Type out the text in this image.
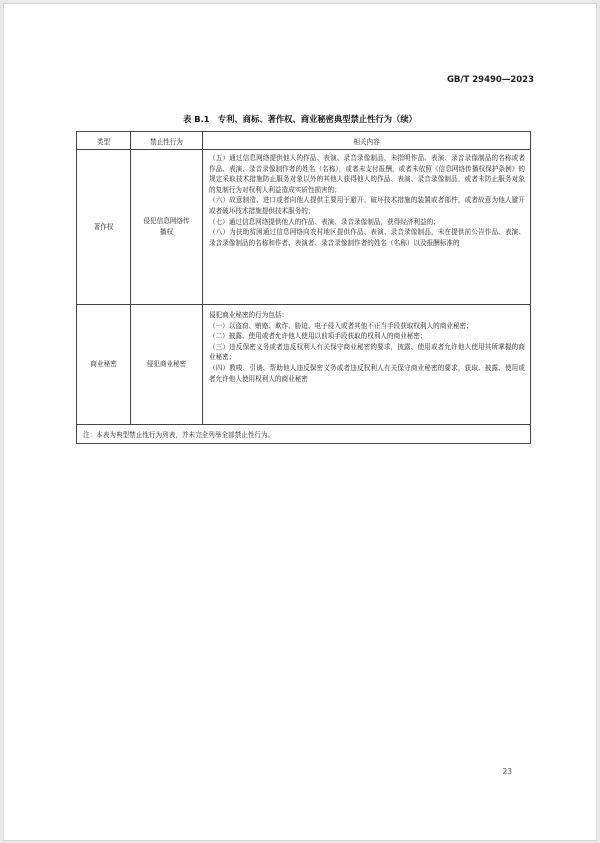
GB/T 29490—2023
表 B.1　专利、商标、著作权、商业秘密典型禁止性行为（续）
类型	禁止性行为	相关内容
著作权	侵犯信息网络传播权	（五）通过信息网络提供他人的作品、表演、录音录像制品，未指明作品、表演、录音录像制品的名称或者作品、表演、录音录像制作者的姓名（名称），或者未支付报酬，或者未依照《信息网络传播权保护条例》的规定采取技术措施防止服务对象以外的其他人获得他人的作品、表演、录音录像制品，或者未防止服务对象的复制行为对权利人利益造成实质性损害的；
（六）故意制造、进口或者向他人提供主要用于避开、破坏技术措施的装置或者部件，或者故意为他人避开或者破坏技术措施提供技术服务的；
（七）通过信息网络提供他人的作品、表演、录音录像制品，获得经济利益的；
（八）为扶助贫困通过信息网络向农村地区提供作品、表演、录音录像制品，未在提供前公告作品、表演、录音录像制品的名称和作者、表演者、录音录像制作者的姓名（名称）以及报酬标准的

商业秘密	侵犯商业秘密	侵犯商业秘密的行为包括：
（一）以盗窃、贿赂、欺诈、胁迫、电子侵入或者其他不正当手段获取权利人的商业秘密；
（二）披露、使用或者允许他人使用以前项手段获取的权利人的商业秘密；
（三）违反保密义务或者违反权利人有关保守商业秘密的要求，披露、使用或者允许他人使用其所掌握的商业秘密；
（四）教唆、引诱、帮助他人违反保密义务或者违反权利人有关保守商业秘密的要求，获取、披露、使用或者允许他人使用权利人的商业秘密

注：本表为典型禁止性行为列表，并未完全列举全部禁止性行为。		
23
